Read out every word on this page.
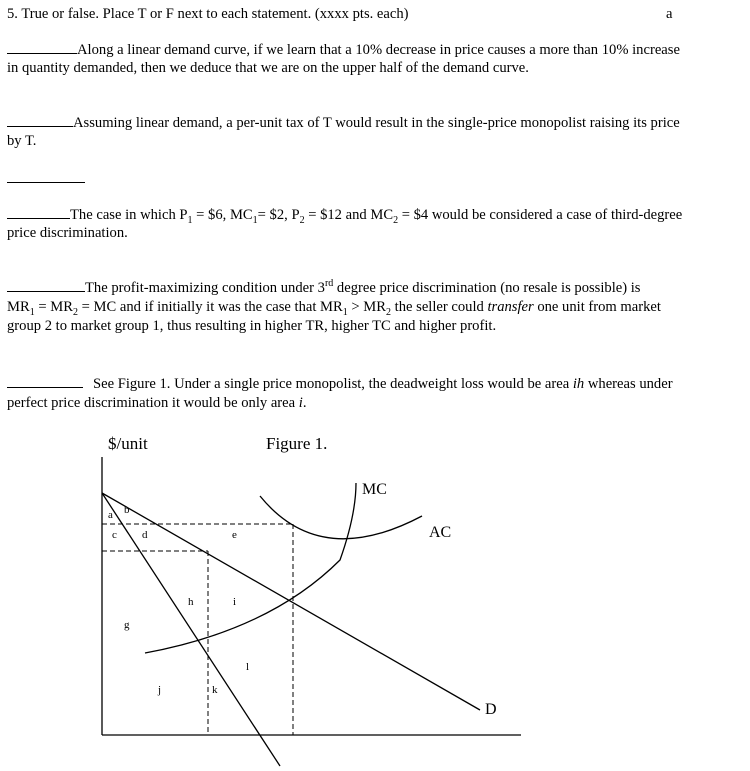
5. True or false. Place T or F next to each statement. (xxxx pts. each)	a
Along a linear demand curve, if we learn that a 10% decrease in price causes a more than 10% increase
in quantity demanded, then we deduce that we are on the upper half of the demand curve.
Assuming linear demand, a per-unit tax of T would result in the single-price monopolist raising its price
by T.
The case in which $P_1$ = $6, $MC_1=$ $2, $P_2$ = $12 and $MC_2$ = $4 would be considered a case of third-degree
price discrimination.
The profit-maximizing condition under 3rd degree price discrimination (no resale is possible) is
$MR_1 = MR_2$ = MC and if initially it was the case that $MR_1 > MR_2$ the seller could transfer one unit from market
group 2 to market group 1, thus resulting in higher TR, higher TC and higher profit.
See Figure 1. Under a single price monopolist, the deadweight loss would be area ih whereas under
perfect price discrimination it would be only area i.
$/unit	Figure 1.
MC
AC
D
a b
c d	e
h	i
g
l
j	k
